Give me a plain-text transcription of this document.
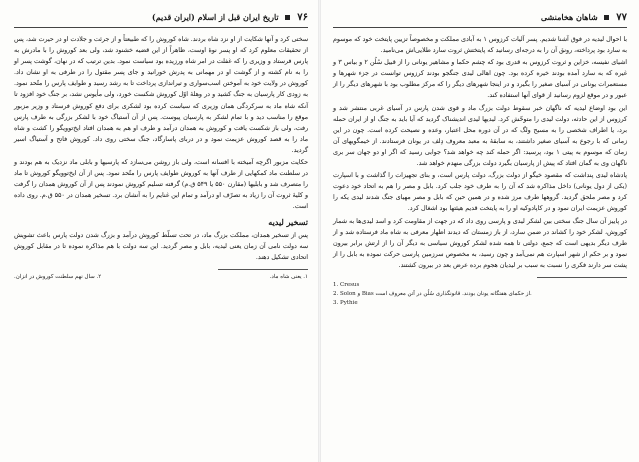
۷۶  تاریخ ایران قبل از اسلام (ایران قدیم)

سختی کرد و آنها شکایت از او نزد شاه بردند. شاه کوروش را که طبیعتاً و از جرئت و جلادت او در حیرت شد، پس از تحقیقات معلوم کرد که او پسر نوهٔ اوست، ظاهراً از این قضیه خشنود شد، ولی بعد کوروش را با مادرش به پارس فرستاد و وزیری را که غفلت در امر شاه ورزیده بود سیاست نمود. بدین ترتیب که در نهان، گوشت پسر او را به نام کشته و از گوشت او در مهمانی به پدرش خورانید و جای پسر مقتول را در طرفی به او نشان داد. کوروش در ولایت خود به آموختن اسب‌سواری و تیراندازی پرداخت تا به رشد رسید و طوایف پارس را متّحد نمود. به زودی کار پارسیان به جنگ کشید و در وهلهٔ اوّل کوروش شکست خورد، ولی مأیوس نشد، بر جنگ خود افزود تا آنکه شاه ماد به سرکردگی همان وزیری که سیاست کرده بود لشکری برای دفع کوروش فرستاد و وزیر مزبور موقع را مناسب دید و با تمام لشکر به پارسیان پیوست. پس از آن آستیاگ خود با لشکر بزرگی به طرف پارس رفت، ولی باز شکست یافت و کوروش به همدان درآمد و طرف او هم به همدان افتاد ایخ‌تو‌ویگو را کشت و شاه ماد را به قصد کوروش عزیمت نمود و در دربای پاسارگاد، جنگ سختی روی داد. کوروش فاتح و آستیاگ اسیر گردید.

حکایت مزبور اگرچه آمیخته با افسانه است، ولی باز روشن می‌سازد که پارسیها و بابلی ماد نزدیک به هم بودند و در سلطنت ماد کمکهایی از طرف آنها به کوروش طوایف پارس را متّحد نمود. پس از آن ایخ‌تو‌ویگو کوروش تا ماد را متصرف شد و بابلیها (مقارن ۵۵۰ یا ۵۴۹ ق.م) گرفته تسلیم کوروش نمودند پس از آن کوروش همدان را گرفت و کلیهٔ ثروت آن را زیاد به تصرّف او درآمد و تمام این غنایم را به آنشان برد. تسخیر همدان در ۵۵۰ ق.م. روی داده است.

تسخیر لیدیه

پس از تسخیر همدان، مملکت بزرگ ماد، در تحت تسلّط کوروش درآمد و بزرگ شدن دولت پارس باعث تشویش سه دولت نامی آن زمان یعنی لیدیه، بابل و مصر گردید. این سه دولت با هم مذاکره نموده تا در مقابل کوروش اتحادی تشکیل دهند.

۱. یعنی شاه ماد.
۲. سال نهم سلطنت کوروش در انزان.
۷۷  شاهان هخامنشی

با احوال لیدیه در فوق آشنا شدیم. پسر آلیات کرزوس ۱ به آبادی مملکت و مخصوصاً تزیین پایتخت خود که موسوم به سارد بود پرداخته، رونق آن را به درجه‌ای رسانید که پایتختش ثروت سارد طلایی‌اش می‌نامید.

اشیای نفیسه، خزاین و ثروت کرزوس به قدری بود که چشم حکما و مشاهیر یونانی را از قبیل سُلُن ۲ و بیاس ۳ و غیره که به سارد آمده بودند خیره کرده بود. چون اهالی لیدی جنگجو بودند کرزوس توانست در جزء شهرها و مستعمرات یونانی در آسیای صغیر را بگیرد و در اینجا شهرهای دیگر را که مرکز مطلوب بود با شهرهای دیگر را از عبور و در موقع لزوم رسانید از قوای آنها استفاده کند.

این بود اوضاع لیدیه که ناگهان خبر سقوط دولت بزرگ ماد و قوی شدن پارس در آسیای غربی منتشر شد و کرزوس از این حادثه، دولت لیدی را متوحّش کرد. لیدیها لیدی اندیشناک گردید که آیا باید به جنگ او از ایران حمله برد، یا اطراف شخصی را به مسیح ولگ که در آن دوره محل اعتبار، وعده و نصیحت کرده است. چون در این زمانی که با رجوع به آسیای صغیر داشتند، به سابقهٔ به معبد معروف دِلف در یونان فرستادند. از خیمگویهای آن زمان که موسوم به پیتی ۱ بود، پرسید: اگر حمله کند چه خواهد شد؟ جوابی رسید که اگر او دو جهان سر بری ناگهان وی به گمان افتاد که پیش از پارسیان بگیرد دولت بزرگی منهدم خواهد شد.

پادشاه لیدی پنداشت که مقصود خیگو از دولت بزرگ، دولت پارس است، و بنای تجهیزات را گذاشت و با اسپارت (یکی از دول یونانی) داخل مذاکره شد که آن را به طرف خود جلب کرد. بابل و مصر را هم به اتحاد خود دعوت کرد و مصر ملحق گردید. گروهها طرف مرز شده و در همین حین که بابل و مصر مهیای جنگ شدند لیدی یکه را کوروش عزیمت ایران نمود و در کاپادوکیه او را به پایتخت قدیم هیئتها بود اشغال کرد.

در پاییز آن سال جنگ سختی بین لشکر لیدی و پارسی روی داد که در جهت از مقاومت کرد و اسد لیدی‌ها به شمار کوروش، لشکر خود را کشاند در ضمن سارد، از باز زمستان که دیدند اظهار معرفی به شاه ماد فرستاده شد و از طرف دیگر بدیهی است که جمع، دولتی تا همه شده لشکر کوروش سیاسی به دیگر آن را از ارتش برابر بیرون نمود و بر حکم از شهر اسپارت هم نمی‌آمد و چون رسید، به مخصوص سرزمین پارسی حرکت نموده به بابل را از پشت سر دارند فکری را نسبت به سبب بر لیدیان هجوم برده عرض بعد در بیرون کشتند.

1. Cresus
2. Solon و Bias از حکمای هفتگانه یونان بودند. قانونگذاری سُلُن در آتن معروف است.
3. Pythie
